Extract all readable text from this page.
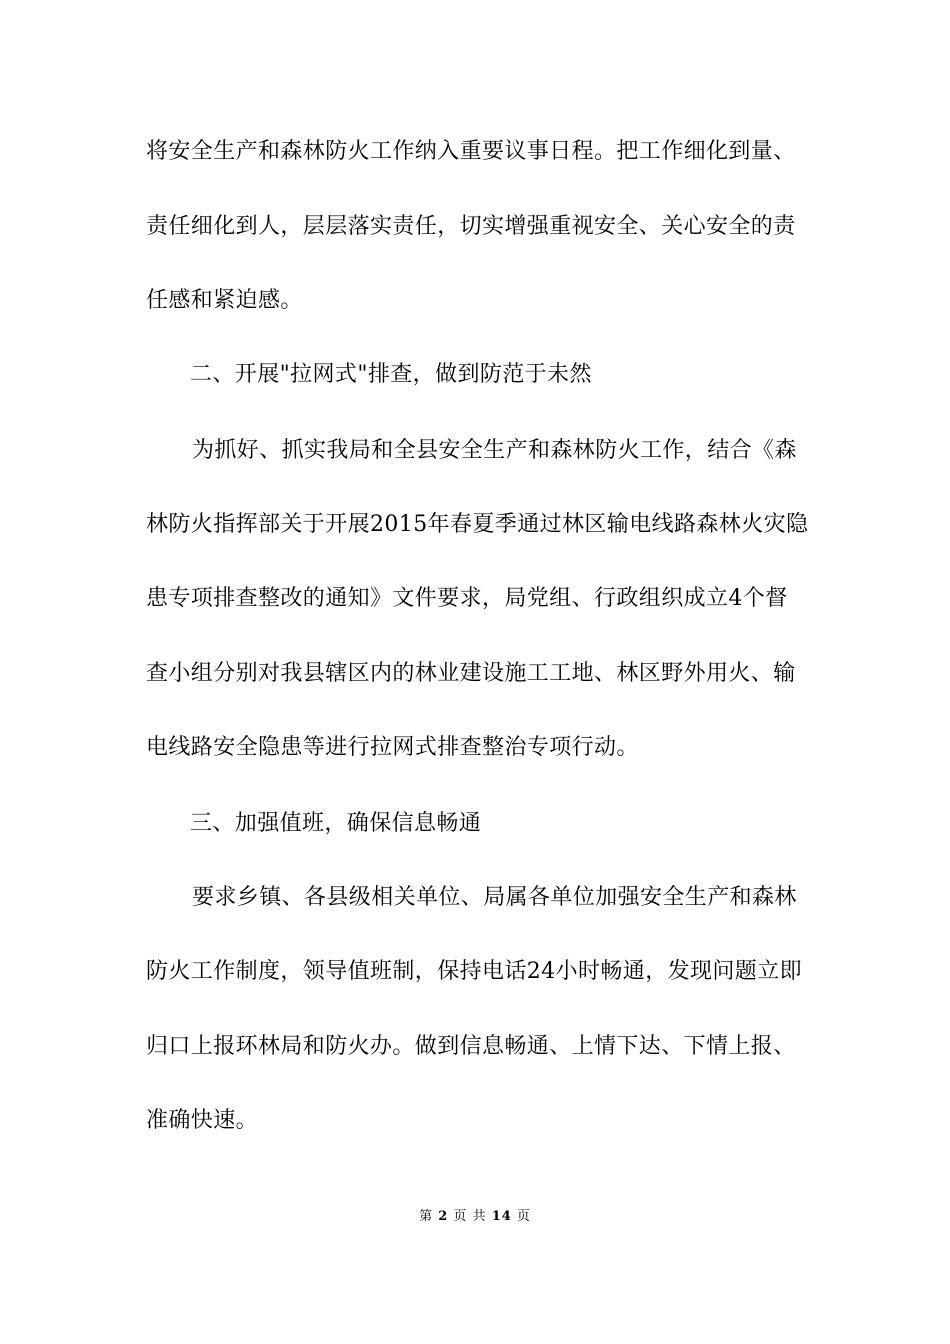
将安全生产和森林防火工作纳入重要议事日程。把工作细化到量、
责任细化到人，层层落实责任，切实增强重视安全、关心安全的责
任感和紧迫感。
二、开展"拉网式"排查，做到防范于未然
为抓好、抓实我局和全县安全生产和森林防火工作，结合《森
林防火指挥部关于开展2015年春夏季通过林区输电线路森林火灾隐
患专项排查整改的通知》文件要求，局党组、行政组织成立4个督
查小组分别对我县辖区内的林业建设施工工地、林区野外用火、输
电线路安全隐患等进行拉网式排查整治专项行动。
三、加强值班，确保信息畅通
要求乡镇、各县级相关单位、局属各单位加强安全生产和森林
防火工作制度，领导值班制，保持电话24小时畅通，发现问题立即
归口上报环林局和防火办。做到信息畅通、上情下达、下情上报、
准确快速。
第 2 页 共 14 页
